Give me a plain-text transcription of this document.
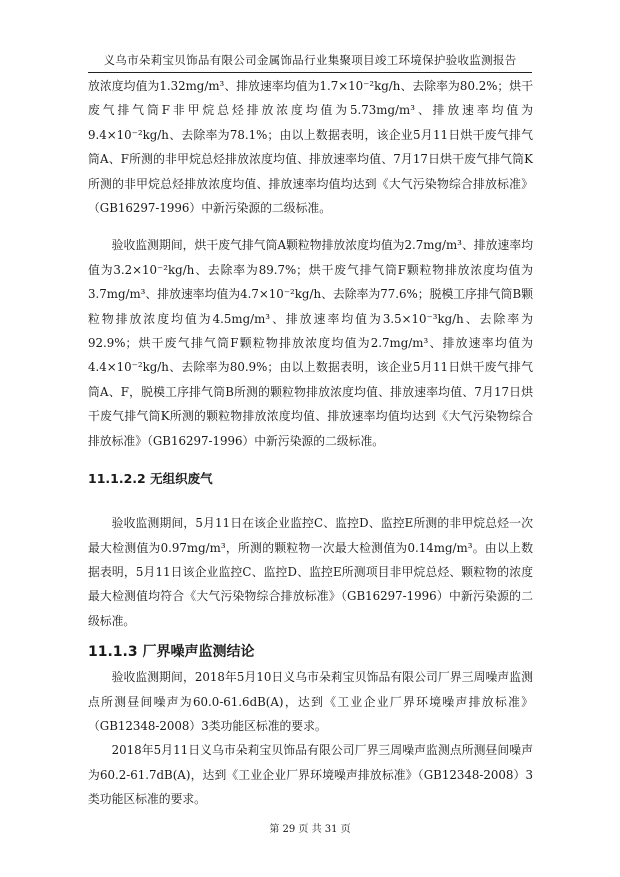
义乌市朵莉宝贝饰品有限公司金属饰品行业集聚项目竣工环境保护验收监测报告

放浓度均值为1.32mg/m³、排放速率均值为1.7×10⁻²kg/h、去除率为80.2%；烘干废气排气筒F非甲烷总烃排放浓度均值为5.73mg/m³、排放速率均值为9.4×10⁻²kg/h、去除率为78.1%；由以上数据表明，该企业5月11日烘干废气排气筒A、F所测的非甲烷总烃排放浓度均值、排放速率均值、7月17日烘干废气排气筒K所测的非甲烷总烃排放浓度均值、排放速率均值均达到《大气污染物综合排放标准》（GB16297-1996）中新污染源的二级标准。

验收监测期间，烘干废气排气筒A颗粒物排放浓度均值为2.7mg/m³、排放速率均值为3.2×10⁻²kg/h、去除率为89.7%；烘干废气排气筒F颗粒物排放浓度均值为3.7mg/m³、排放速率均值为4.7×10⁻²kg/h、去除率为77.6%；脱模工序排气筒B颗粒物排放浓度均值为4.5mg/m³、排放速率均值为3.5×10⁻³kg/h、去除率为92.9%；烘干废气排气筒F颗粒物排放浓度均值为2.7mg/m³、排放速率均值为4.4×10⁻²kg/h、去除率为80.9%；由以上数据表明，该企业5月11日烘干废气排气筒A、F，脱模工序排气筒B所测的颗粒物排放浓度均值、排放速率均值、7月17日烘干废气排气筒K所测的颗粒物排放浓度均值、排放速率均值均达到《大气污染物综合排放标准》（GB16297-1996）中新污染源的二级标准。

11.1.2.2 无组织废气

验收监测期间，5月11日在该企业监控C、监控D、监控E所测的非甲烷总烃一次最大检测值为0.97mg/m³，所测的颗粒物一次最大检测值为0.14mg/m³。由以上数据表明，5月11日该企业监控C、监控D、监控E所测项目非甲烷总烃、颗粒物的浓度最大检测值均符合《大气污染物综合排放标准》（GB16297-1996）中新污染源的二级标准。

11.1.3 厂界噪声监测结论

验收监测期间，2018年5月10日义乌市朵莉宝贝饰品有限公司厂界三周噪声监测点所测昼间噪声为60.0-61.6dB(A)，达到《工业企业厂界环境噪声排放标准》（GB12348-2008）3类功能区标准的要求。

2018年5月11日义乌市朵莉宝贝饰品有限公司厂界三周噪声监测点所测昼间噪声为60.2-61.7dB(A)，达到《工业企业厂界环境噪声排放标准》（GB12348-2008）3类功能区标准的要求。

第 29 页 共 31 页
